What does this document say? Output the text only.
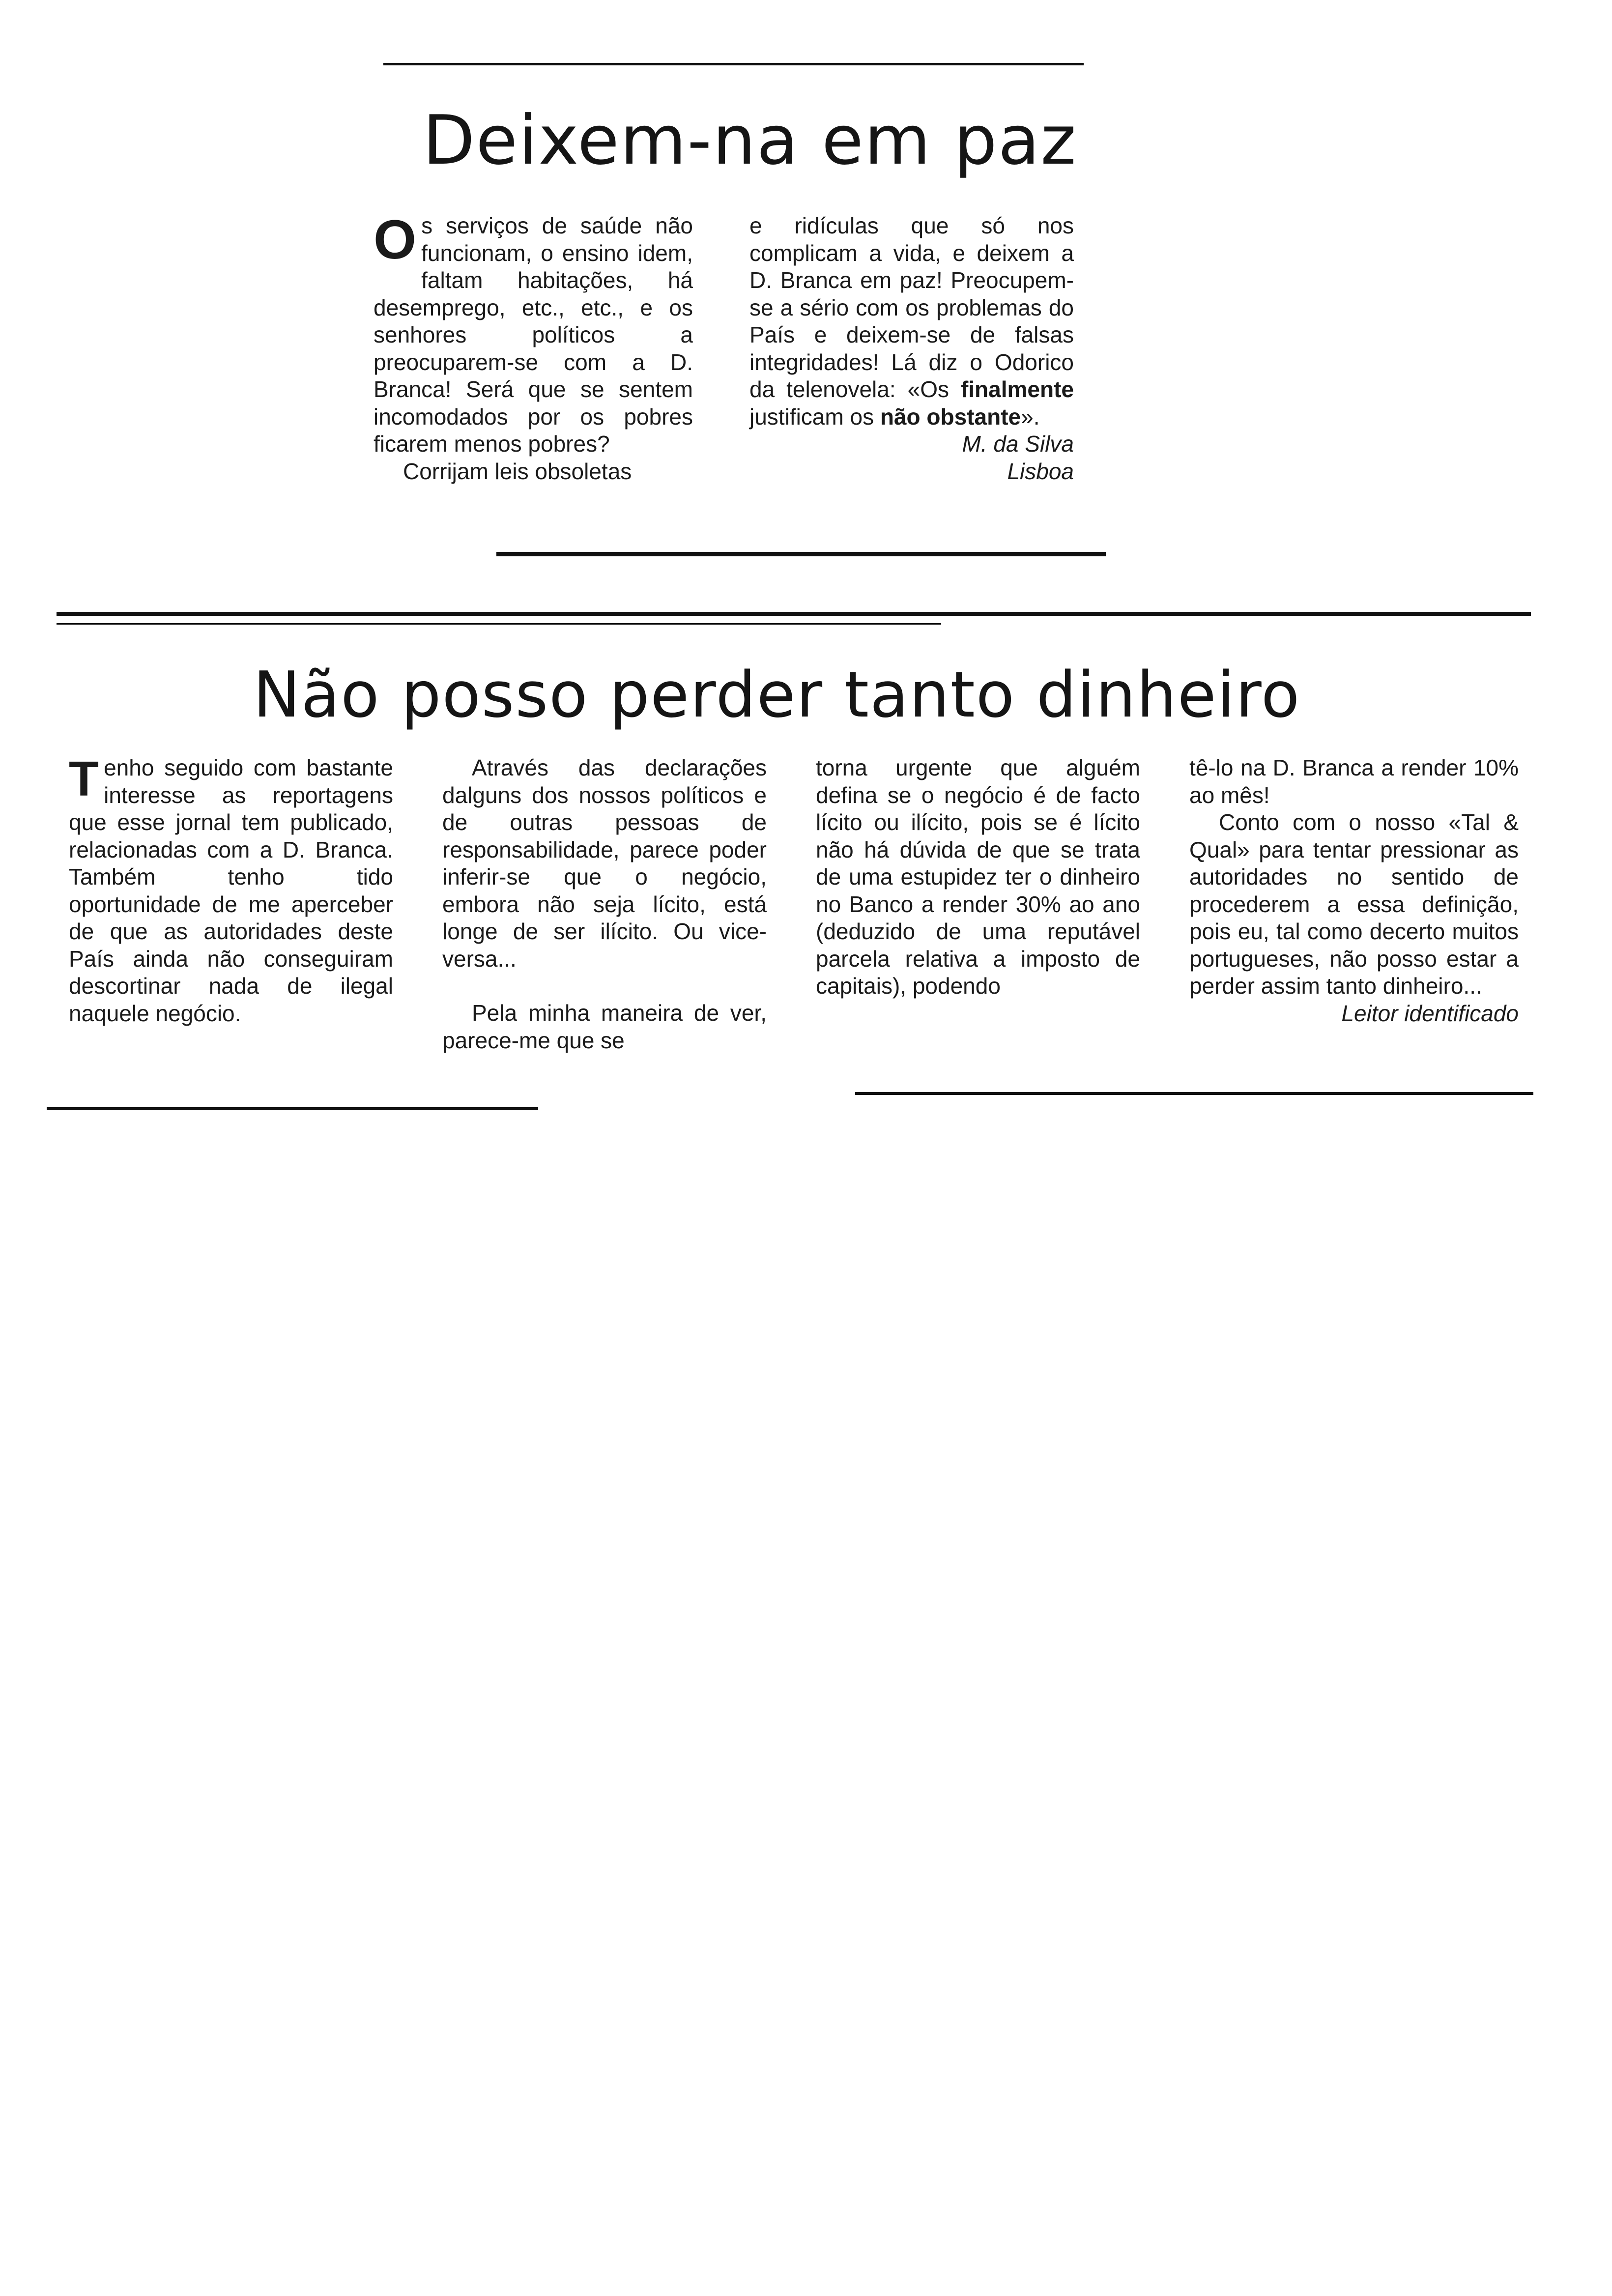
Deixem-na em paz
O s serviços de saúde não funcionam, o ensino idem, faltam habitações, há desemprego, etc., etc., e os senhores políticos a preocuparem-se com a D. Branca! Será que se sentem incomodados por os pobres ficarem menos pobres?

Corrijam leis obsoletas

e ridículas que só nos complicam a vida, e deixem a D. Branca em paz! Preocupem-se a sério com os problemas do País e deixem-se de falsas integridades! Lá diz o Odorico da telenovela: «Os finalmente justificam os não obstante».

M. da Silva
Lisboa
Não posso perder tanto dinheiro
T enho seguido com bastante interesse as reportagens que esse jornal tem publicado, relacionadas com a D. Branca. Também tenho tido oportunidade de me aperceber de que as autoridades deste País ainda não conseguiram descortinar nada de ilegal naquele negócio.

Através das declarações dalguns dos nossos políticos e de outras pessoas de responsabilidade, parece poder inferir-se que o negócio, embora não seja lícito, está longe de ser ilícito. Ou vice-versa...

Pela minha maneira de ver, parece-me que se

torna urgente que alguém defina se o negócio é de facto lícito ou ilícito, pois se é lícito não há dúvida de que se trata de uma estupidez ter o dinheiro no Banco a render 30% ao ano (deduzido de uma reputável parcela relativa a imposto de capitais), podendo

tê-lo na D. Branca a render 10% ao mês!

Conto com o nosso «Tal & Qual» para tentar pressionar as autoridades no sentido de procederem a essa definição, pois eu, tal como decerto muitos portugueses, não posso estar a perder assim tanto dinheiro...

Leitor identificado
